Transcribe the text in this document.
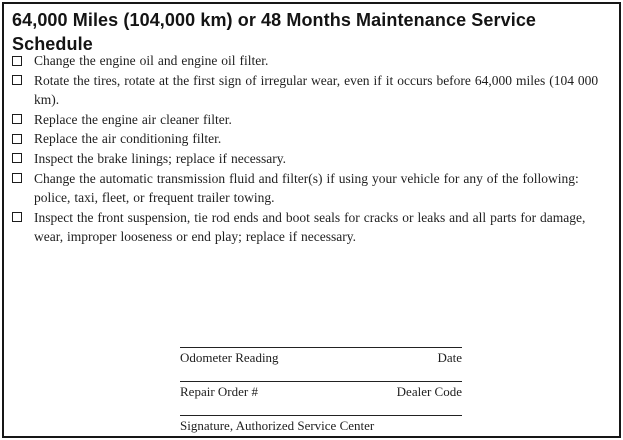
64,000 Miles (104,000 km) or 48 Months Maintenance Service Schedule
Change the engine oil and engine oil filter.
Rotate the tires, rotate at the first sign of irregular wear, even if it occurs before 64,000 miles (104 000 km).
Replace the engine air cleaner filter.
Replace the air conditioning filter.
Inspect the brake linings; replace if necessary.
Change the automatic transmission fluid and filter(s) if using your vehicle for any of the following: police, taxi, fleet, or frequent trailer towing.
Inspect the front suspension, tie rod ends and boot seals for cracks or leaks and all parts for damage, wear, improper looseness or end play; replace if necessary.
Odometer Reading	Date
Repair Order #	Dealer Code
Signature, Authorized Service Center
